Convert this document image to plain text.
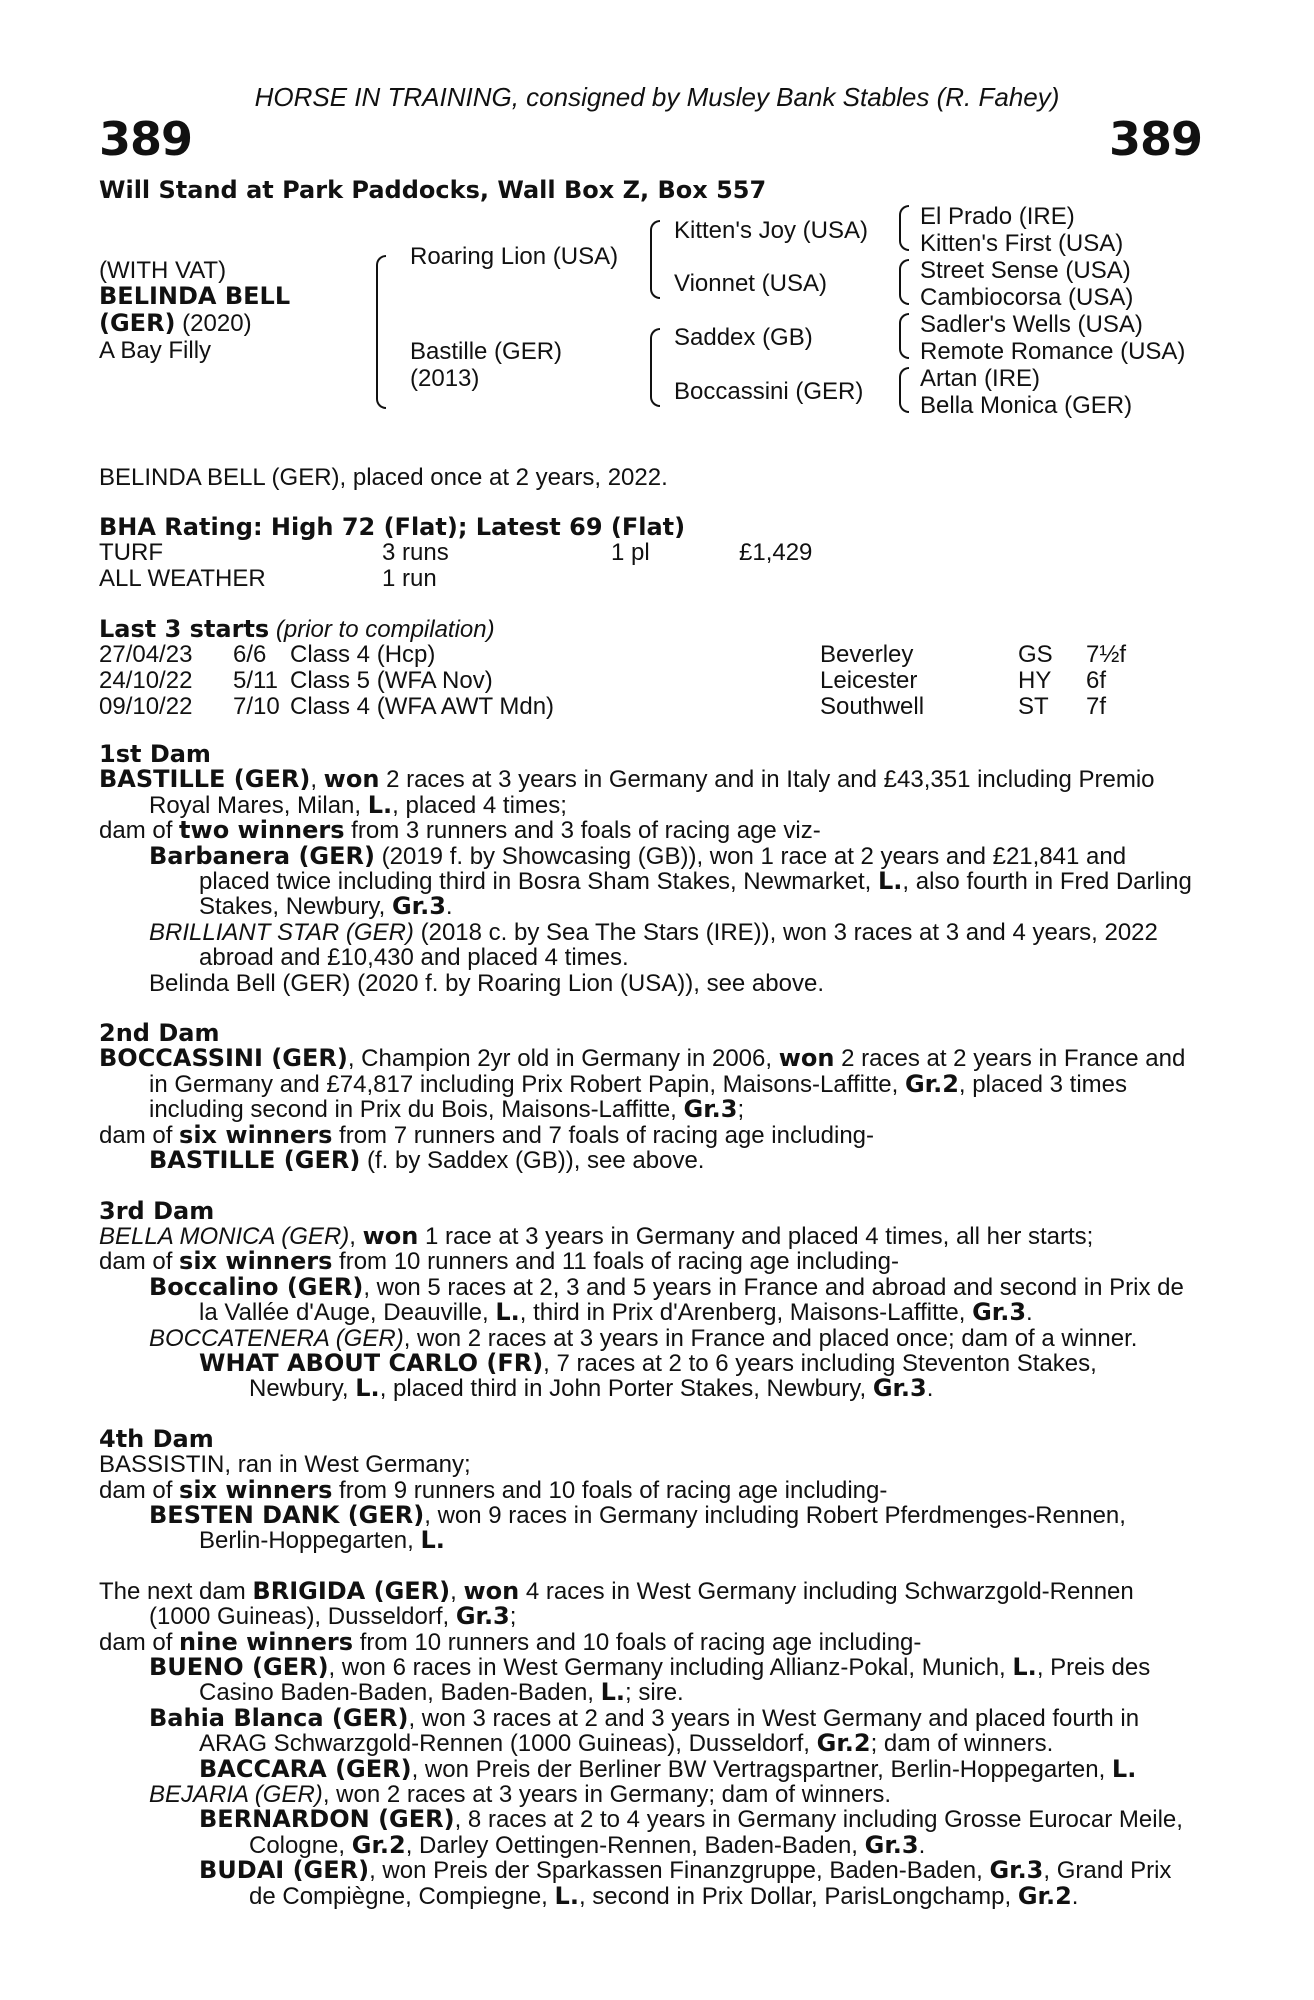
HORSE IN TRAINING, consigned by Musley Bank Stables (R. Fahey)
389	389
Will Stand at Park Paddocks, Wall Box Z, Box 557
(WITH VAT)
BELINDA BELL
(GER) (2020)
A Bay Filly
Roaring Lion (USA)
Bastille (GER)
(2013)
Kitten's Joy (USA)
Vionnet (USA)
Saddex (GB)
Boccassini (GER)
El Prado (IRE)
Kitten's First (USA)
Street Sense (USA)
Cambiocorsa (USA)
Sadler's Wells (USA)
Remote Romance (USA)
Artan (IRE)
Bella Monica (GER)
BELINDA BELL (GER), placed once at 2 years, 2022.
BHA Rating: High 72 (Flat); Latest 69 (Flat)
TURF	3 runs	1 pl	£1,429
ALL WEATHER	1 run
Last 3 starts (prior to compilation)
27/04/23 6/6 Class 4 (Hcp)	Beverley	GS 7½f
24/10/22 5/11 Class 5 (WFA Nov)	Leicester	HY 6f
09/10/22 7/10 Class 4 (WFA AWT Mdn)	Southwell	ST 7f

1st Dam

BASTILLE (GER), won 2 races at 3 years in Germany and in Italy and £43,351 including Premio Royal Mares, Milan, L., placed 4 times;

dam of two winners from 3 runners and 3 foals of racing age viz-

Barbanera (GER) (2019 f. by Showcasing (GB)), won 1 race at 2 years and £21,841 and placed twice including third in Bosra Sham Stakes, Newmarket, L., also fourth in Fred Darling Stakes, Newbury, Gr.3.

BRILLIANT STAR (GER) (2018 c. by Sea The Stars (IRE)), won 3 races at 3 and 4 years, 2022 abroad and £10,430 and placed 4 times.

Belinda Bell (GER) (2020 f. by Roaring Lion (USA)), see above.

2nd Dam

BOCCASSINI (GER), Champion 2yr old in Germany in 2006, won 2 races at 2 years in France and in Germany and £74,817 including Prix Robert Papin, Maisons-Laffitte, Gr.2, placed 3 times including second in Prix du Bois, Maisons-Laffitte, Gr.3;

dam of six winners from 7 runners and 7 foals of racing age including-

BASTILLE (GER) (f. by Saddex (GB)), see above.

3rd Dam

BELLA MONICA (GER), won 1 race at 3 years in Germany and placed 4 times, all her starts;

dam of six winners from 10 runners and 11 foals of racing age including-

Boccalino (GER), won 5 races at 2, 3 and 5 years in France and abroad and second in Prix de la Vallée d'Auge, Deauville, L., third in Prix d'Arenberg, Maisons-Laffitte, Gr.3.

BOCCATENERA (GER), won 2 races at 3 years in France and placed once; dam of a winner.

WHAT ABOUT CARLO (FR), 7 races at 2 to 6 years including Steventon Stakes, Newbury, L., placed third in John Porter Stakes, Newbury, Gr.3.

4th Dam

BASSISTIN, ran in West Germany;

dam of six winners from 9 runners and 10 foals of racing age including-

BESTEN DANK (GER), won 9 races in Germany including Robert Pferdmenges-Rennen, Berlin-Hoppegarten, L.

The next dam BRIGIDA (GER), won 4 races in West Germany including Schwarzgold-Rennen (1000 Guineas), Dusseldorf, Gr.3;

dam of nine winners from 10 runners and 10 foals of racing age including-

BUENO (GER), won 6 races in West Germany including Allianz-Pokal, Munich, L., Preis des Casino Baden-Baden, Baden-Baden, L.; sire.

Bahia Blanca (GER), won 3 races at 2 and 3 years in West Germany and placed fourth in ARAG Schwarzgold-Rennen (1000 Guineas), Dusseldorf, Gr.2; dam of winners.

BACCARA (GER), won Preis der Berliner BW Vertragspartner, Berlin-Hoppegarten, L.

BEJARIA (GER), won 2 races at 3 years in Germany; dam of winners.

BERNARDON (GER), 8 races at 2 to 4 years in Germany including Grosse Eurocar Meile, Cologne, Gr.2, Darley Oettingen-Rennen, Baden-Baden, Gr.3.

BUDAI (GER), won Preis der Sparkassen Finanzgruppe, Baden-Baden, Gr.3, Grand Prix de Compiègne, Compiegne, L., second in Prix Dollar, ParisLongchamp, Gr.2.
